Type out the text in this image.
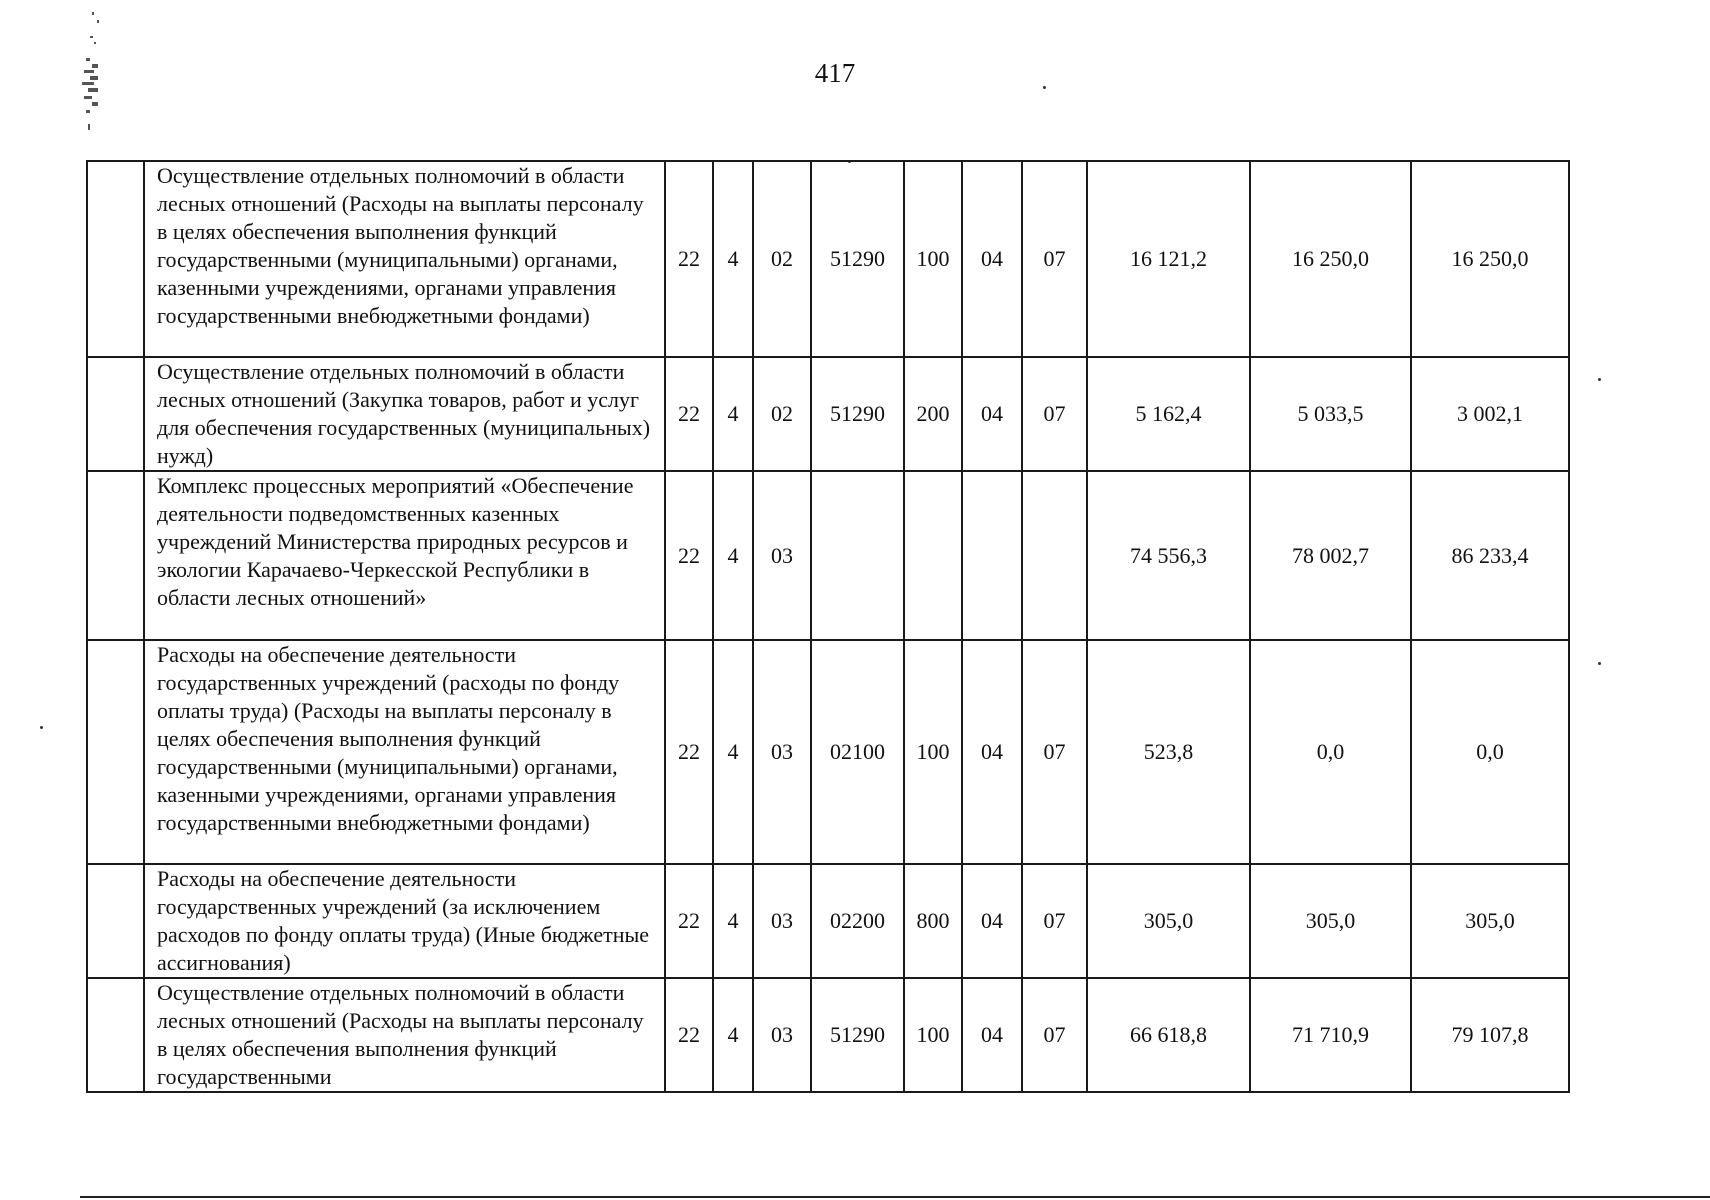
417
	Осуществление отдельных полномочий в области лесных отношений (Расходы на выплаты персоналу в целях обеспечения выполнения функций государственными (муниципальными) органами, казенными учреждениями, органами управления государственными внебюджетными фондами)	22	4	02	51290	100	04	07	16 121,2	16 250,0	16 250,0
	Осуществление отдельных полномочий в области лесных отношений (Закупка товаров, работ и услуг для обеспечения государственных (муниципальных) нужд)	22	4	02	51290	200	04	07	5 162,4	5 033,5	3 002,1
	Комплекс процессных мероприятий «Обеспечение деятельности подведомственных казенных учреждений Министерства природных ресурсов и экологии Карачаево-Черкесской Республики в области лесных отношений»	22	4	03					74 556,3	78 002,7	86 233,4
	Расходы на обеспечение деятельности государственных учреждений (расходы по фонду оплаты труда) (Расходы на выплаты персоналу в целях обеспечения выполнения функций государственными (муниципальными) органами, казенными учреждениями, органами управления государственными внебюджетными фондами)	22	4	03	02100	100	04	07	523,8	0,0	0,0
	Расходы на обеспечение деятельности государственных учреждений (за исключением расходов по фонду оплаты труда) (Иные бюджетные ассигнования)	22	4	03	02200	800	04	07	305,0	305,0	305,0
	Осуществление отдельных полномочий в области лесных отношений (Расходы на выплаты персоналу в целях обеспечения выполнения функций государственными	22	4	03	51290	100	04	07	66 618,8	71 710,9	79 107,8
